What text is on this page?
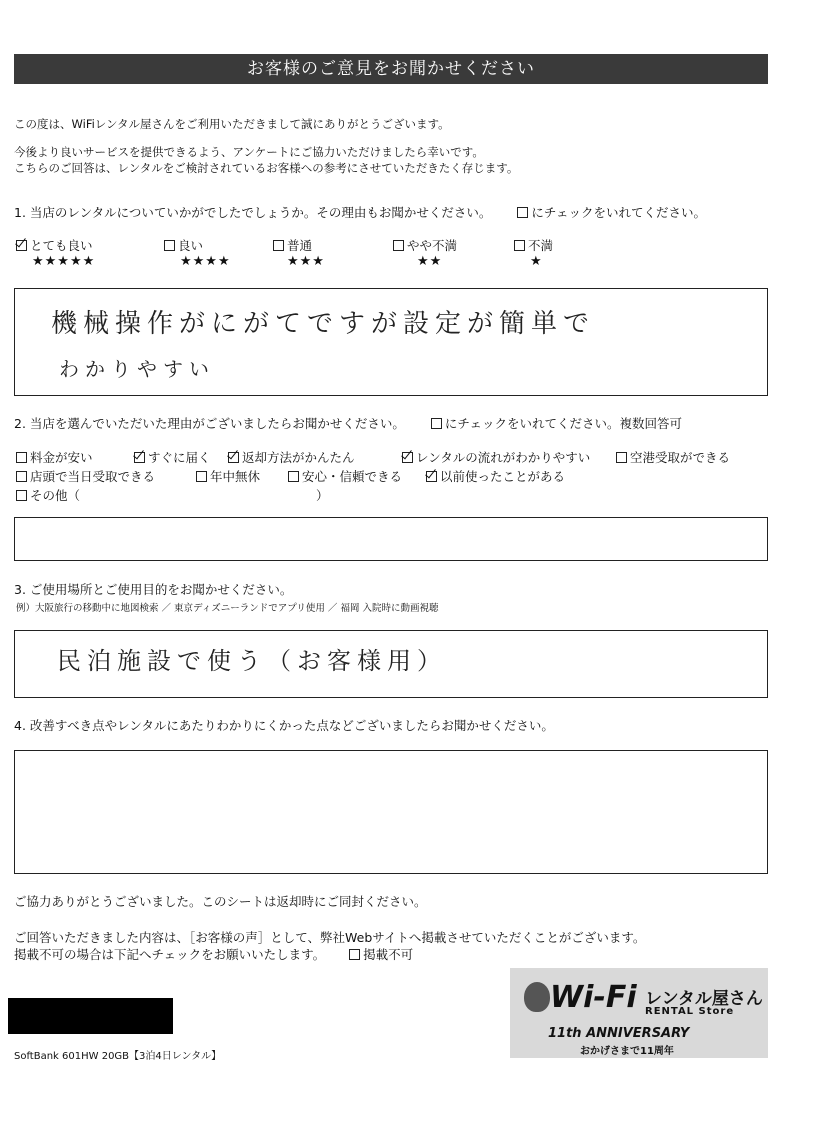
お客様のご意見をお聞かせください
この度は、WiFiレンタル屋さんをご利用いただきまして誠にありがとうございます。
今後より良いサービスを提供できるよう、アンケートにご協力いただけましたら幸いです。
こちらのご回答は、レンタルをご検討されているお客様への参考にさせていただきたく存じます。
1. 当店のレンタルについていかがでしたでしょうか。その理由もお聞かせください。	にチェックをいれてください。
とても良い
★★★★★
良い
★★★★
普通
★★★
やや不満
★★
不満
★
機械操作がにがてですが設定が簡単で
わかりやすい
2. 当店を選んでいただいた理由がございましたらお聞かせください。	にチェックをいれてください。複数回答可
料金が安い	すぐに届く	返却方法がかんたん	レンタルの流れがわかりやすい	空港受取ができる
店頭で当日受取できる	年中無休	安心・信頼できる	以前使ったことがある
その他（	）
3. ご使用場所とご使用目的をお聞かせください。
例）大阪旅行の移動中に地図検索 ／ 東京ディズニーランドでアプリ使用 ／ 福岡 入院時に動画視聴
民泊施設で使う（お客様用）
4. 改善すべき点やレンタルにあたりわかりにくかった点などございましたらお聞かせください。
ご協力ありがとうございました。このシートは返却時にご同封ください。
ご回答いただきました内容は、［お客様の声］として、弊社Webサイトへ掲載させていただくことがございます。
掲載不可の場合は下記へチェックをお願いいたします。	掲載不可
SoftBank 601HW 20GB【3泊4日レンタル】
Wi-Fi レンタル屋さん
RENTAL Store
11th ANNIVERSARY
おかげさまで11周年
